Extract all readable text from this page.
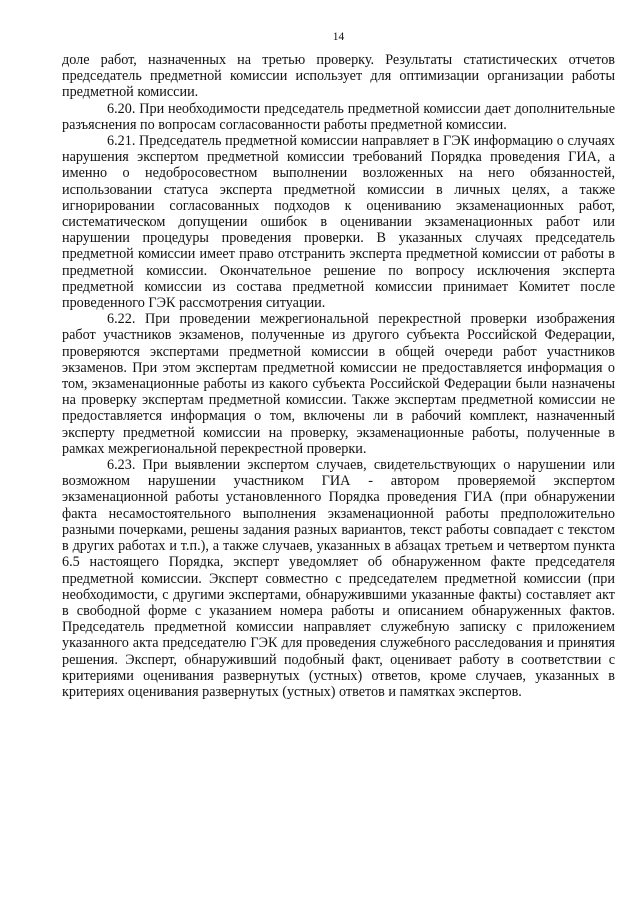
14

доле работ, назначенных на третью проверку. Результаты статистических отчетов председатель предметной комиссии использует для оптимизации организации работы предметной комиссии.

6.20. При необходимости председатель предметной комиссии дает дополнительные разъяснения по вопросам согласованности работы предметной комиссии.

6.21. Председатель предметной комиссии направляет в ГЭК информацию о случаях нарушения экспертом предметной комиссии требований Порядка проведения ГИА, а именно о недобросовестном выполнении возложенных на него обязанностей, использовании статуса эксперта предметной комиссии в личных целях, а также игнорировании согласованных подходов к оцениванию экзаменационных работ, систематическом допущении ошибок в оценивании экзаменационных работ или нарушении процедуры проведения проверки. В указанных случаях председатель предметной комиссии имеет право отстранить эксперта предметной комиссии от работы в предметной комиссии. Окончательное решение по вопросу исключения эксперта предметной комиссии из состава предметной комиссии принимает Комитет после проведенного ГЭК рассмотрения ситуации.

6.22. При проведении межрегиональной перекрестной проверки изображения работ участников экзаменов, полученные из другого субъекта Российской Федерации, проверяются экспертами предметной комиссии в общей очереди работ участников экзаменов. При этом экспертам предметной комиссии не предоставляется информация о том, экзаменационные работы из какого субъекта Российской Федерации были назначены на проверку экспертам предметной комиссии. Также экспертам предметной комиссии не предоставляется информация о том, включены ли в рабочий комплект, назначенный эксперту предметной комиссии на проверку, экзаменационные работы, полученные в рамках межрегиональной перекрестной проверки.

6.23. При выявлении экспертом случаев, свидетельствующих о нарушении или возможном нарушении участником ГИА - автором проверяемой экспертом экзаменационной работы установленного Порядка проведения ГИА (при обнаружении факта несамостоятельного выполнения экзаменационной работы предположительно разными почерками, решены задания разных вариантов, текст работы совпадает с текстом в других работах и т.п.), а также случаев, указанных в абзацах третьем и четвертом пункта 6.5 настоящего Порядка, эксперт уведомляет об обнаруженном факте председателя предметной комиссии. Эксперт совместно с председателем предметной комиссии (при необходимости, с другими экспертами, обнаружившими указанные факты) составляет акт в свободной форме с указанием номера работы и описанием обнаруженных фактов. Председатель предметной комиссии направляет служебную записку с приложением указанного акта председателю ГЭК для проведения служебного расследования и принятия решения. Эксперт, обнаруживший подобный факт, оценивает работу в соответствии с критериями оценивания развернутых (устных) ответов, кроме случаев, указанных в критериях оценивания развернутых (устных) ответов и памятках экспертов.
